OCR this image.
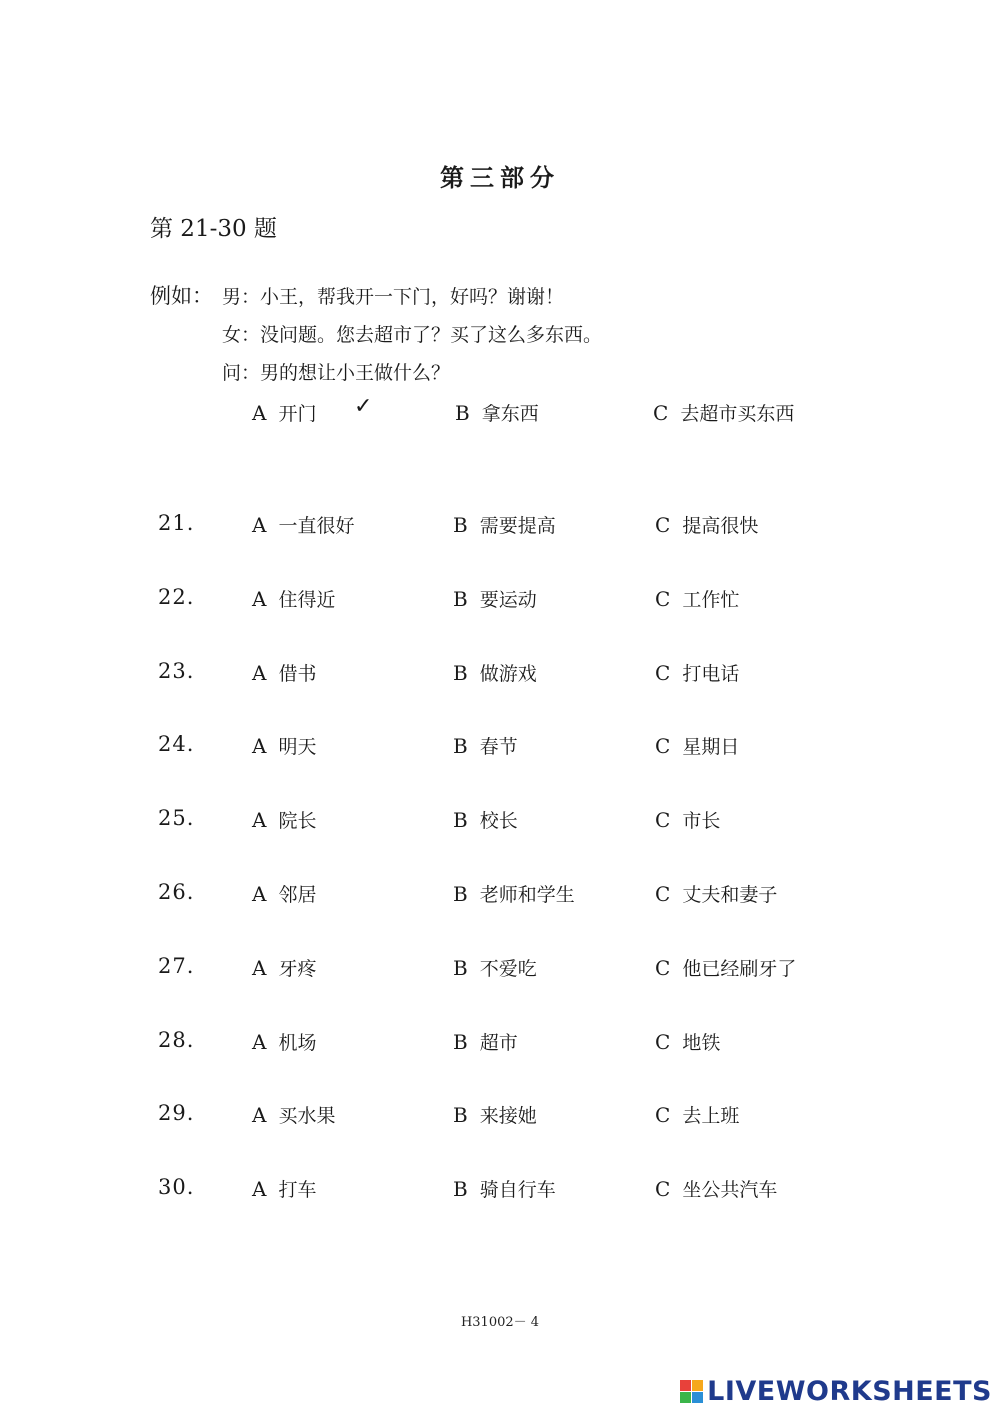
第三部分
第 21-30 题
例如： 男：小王，帮我开一下门，好吗？谢谢！
女：没问题。您去超市了？买了这么多东西。
问：男的想让小王做什么？
A 开门 ✓	B 拿东西	C 去超市买东西
21.	A 一直很好	B 需要提高	C 提高很快
22.	A 住得近	B 要运动	C 工作忙
23.	A 借书	B 做游戏	C 打电话
24.	A 明天	B 春节	C 星期日
25.	A 院长	B 校长	C 市长
26.	A 邻居	B 老师和学生	C 丈夫和妻子
27.	A 牙疼	B 不爱吃	C 他已经刷牙了
28.	A 机场	B 超市	C 地铁
29.	A 买水果	B 来接她	C 去上班
30.	A 打车	B 骑自行车	C 坐公共汽车
H31002－ 4
LIVEWORKSHEETS
